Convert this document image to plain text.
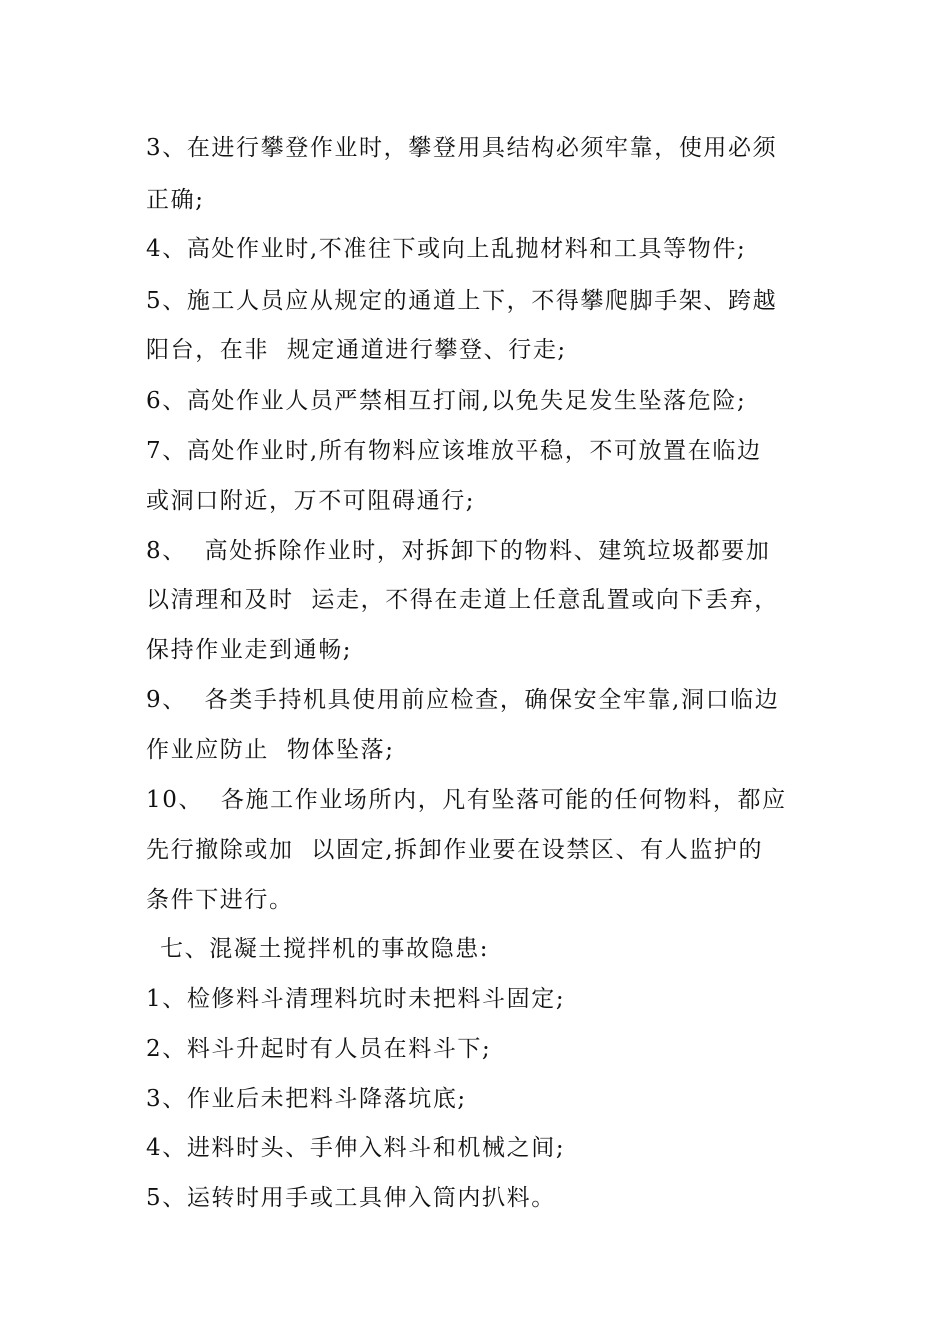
3、在进行攀登作业时，攀登用具结构必须牢靠，使用必须
正确;
4、高处作业时,不准往下或向上乱抛材料和工具等物件;
5、施工人员应从规定的通道上下，不得攀爬脚手架、跨越
阳台，在非  规定通道进行攀登、行走;
6、高处作业人员严禁相互打闹,以免失足发生坠落危险;
7、高处作业时,所有物料应该堆放平稳，不可放置在临边
或洞口附近，万不可阻碍通行;
8、  高处拆除作业时，对拆卸下的物料、建筑垃圾都要加
以清理和及时  运走，不得在走道上任意乱置或向下丢弃，
保持作业走到通畅;
9、  各类手持机具使用前应检查，确保安全牢靠,洞口临边
作业应防止  物体坠落;
10、  各施工作业场所内，凡有坠落可能的任何物料，都应
先行撤除或加  以固定,拆卸作业要在设禁区、有人监护的
条件下进行。
七、混凝土搅拌机的事故隐患:
1、检修料斗清理料坑时未把料斗固定;
2、料斗升起时有人员在料斗下;
3、作业后未把料斗降落坑底;
4、进料时头、手伸入料斗和机械之间;
5、运转时用手或工具伸入筒内扒料。
